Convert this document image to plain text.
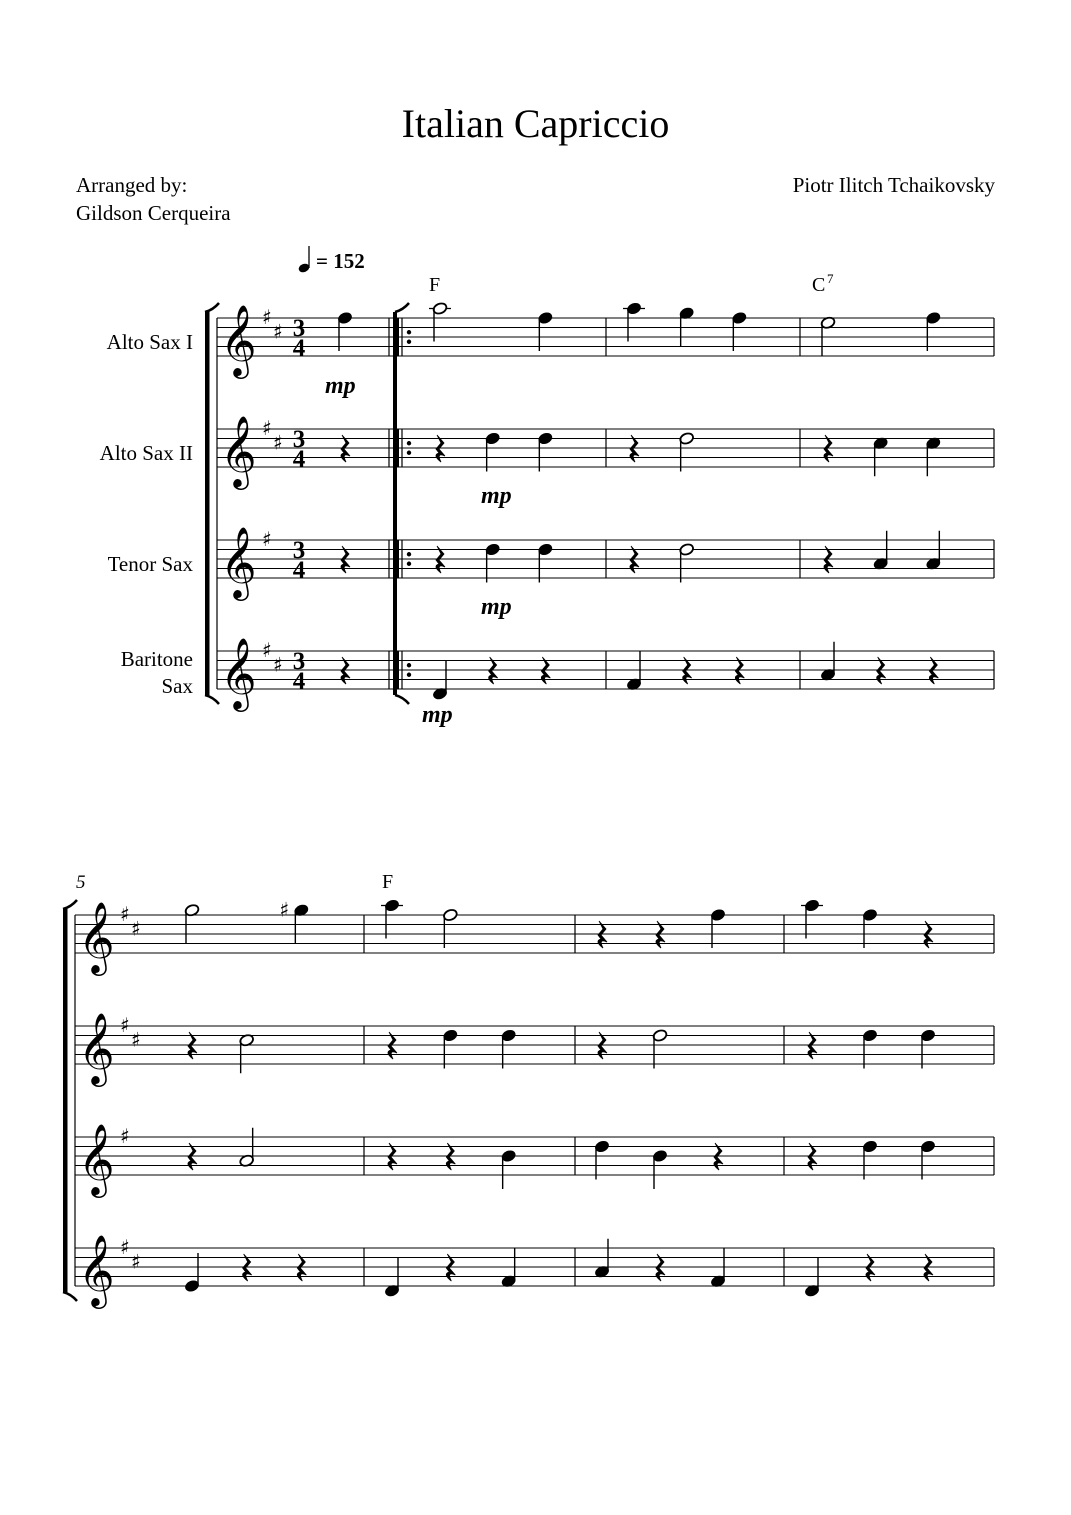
Italian Capriccio
Arranged by:
Gildson Cerqueira
Piotr Ilitch Tchaikovsky
𝄞 ♯
♯ 3
4
𝄞 ♯
♯ 3
4
𝄞 ♯ 3
4
𝄞 ♯
♯ 3
4
𝄞 ♯
♯
𝄞 ♯
♯
𝄞 ♯
𝄞 ♯
♯
♯
Alto Sax I
Alto Sax II
Tenor Sax
Baritone
Sax
= 152
F	C 7
F
5
mp
mp
mp
mp
